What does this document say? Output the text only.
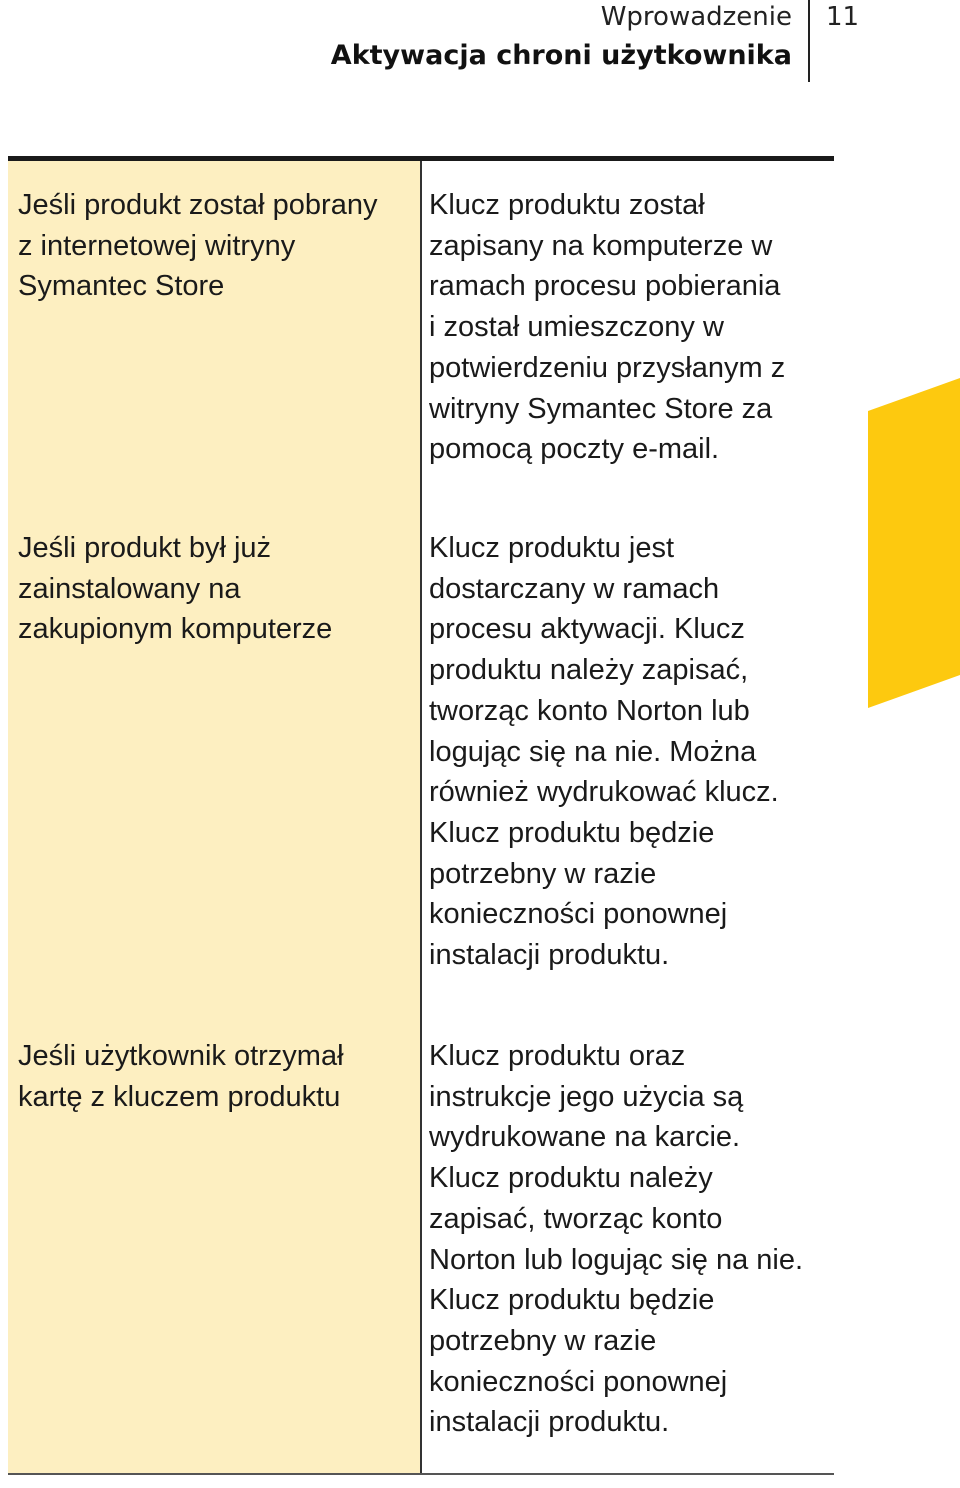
Wprowadzenie
Aktywacja chroni użytkownika
11
Jeśli produkt został pobrany
z internetowej witryny
Symantec Store
Klucz produktu został
zapisany na komputerze w
ramach procesu pobierania
i został umieszczony w
potwierdzeniu przysłanym z
witryny Symantec Store za
pomocą poczty e-mail.
Jeśli produkt był już
zainstalowany na
zakupionym komputerze
Klucz produktu jest
dostarczany w ramach
procesu aktywacji. Klucz
produktu należy zapisać,
tworząc konto Norton lub
logując się na nie. Można
również wydrukować klucz.
Klucz produktu będzie
potrzebny w razie
konieczności ponownej
instalacji produktu.
Jeśli użytkownik otrzymał
kartę z kluczem produktu
Klucz produktu oraz
instrukcje jego użycia są
wydrukowane na karcie.
Klucz produktu należy
zapisać, tworząc konto
Norton lub logując się na nie.
Klucz produktu będzie
potrzebny w razie
konieczności ponownej
instalacji produktu.
